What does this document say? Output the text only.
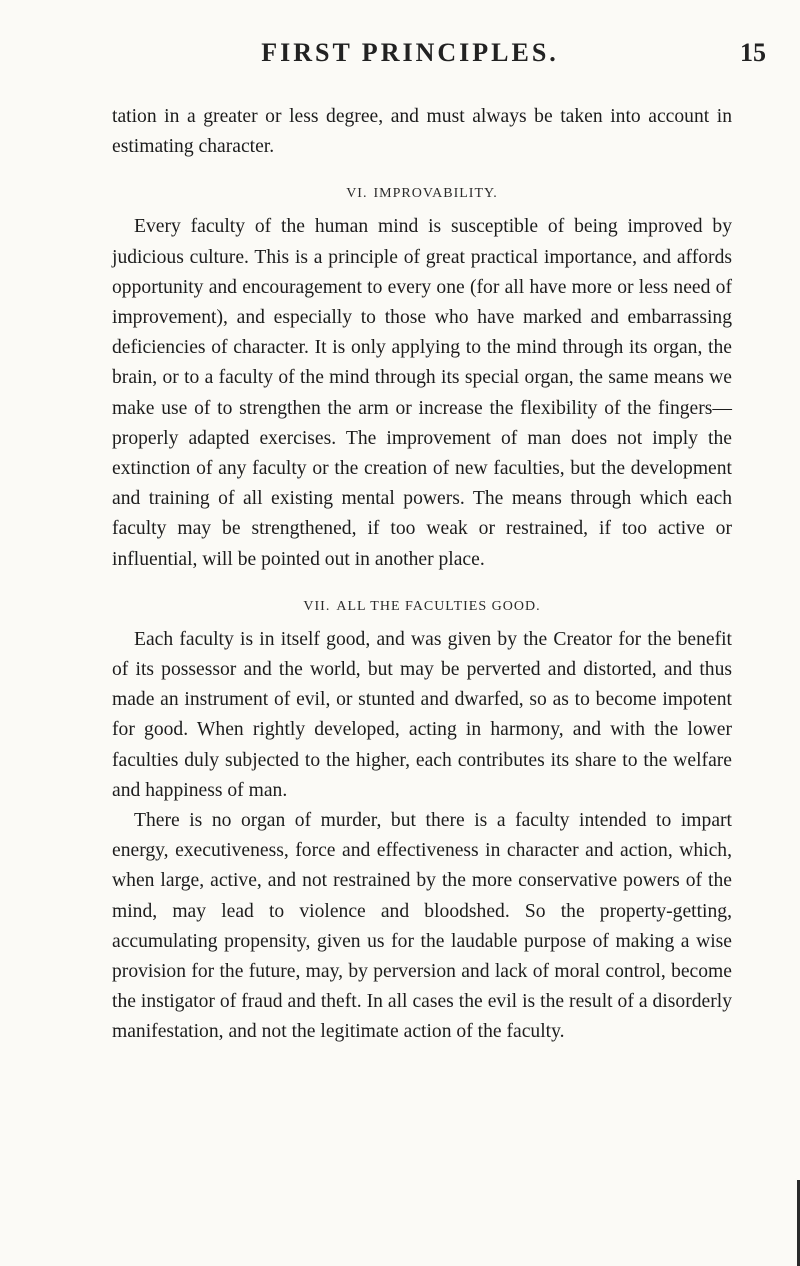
FIRST PRINCIPLES.	15

tation in a greater or less degree, and must always be taken into account in estimating character.

VI. IMPROVABILITY.

Every faculty of the human mind is susceptible of being improved by judicious culture. This is a principle of great practical importance, and affords opportunity and encouragement to every one (for all have more or less need of improvement), and especially to those who have marked and embarrassing deficiencies of character. It is only applying to the mind through its organ, the brain, or to a faculty of the mind through its special organ, the same means we make use of to strengthen the arm or increase the flexibility of the fingers—properly adapted exercises. The improvement of man does not imply the extinction of any faculty or the creation of new faculties, but the development and training of all existing mental powers. The means through which each faculty may be strengthened, if too weak or restrained, if too active or influential, will be pointed out in another place.

VII. ALL THE FACULTIES GOOD.

Each faculty is in itself good, and was given by the Creator for the benefit of its possessor and the world, but may be perverted and distorted, and thus made an instrument of evil, or stunted and dwarfed, so as to become impotent for good. When rightly developed, acting in harmony, and with the lower faculties duly subjected to the higher, each contributes its share to the welfare and happiness of man.

There is no organ of murder, but there is a faculty intended to impart energy, executiveness, force and effectiveness in character and action, which, when large, active, and not restrained by the more conservative powers of the mind, may lead to violence and bloodshed. So the property-getting, accumulating propensity, given us for the laudable purpose of making a wise provision for the future, may, by perversion and lack of moral control, become the instigator of fraud and theft. In all cases the evil is the result of a disorderly manifestation, and not the legitimate action of the faculty.
